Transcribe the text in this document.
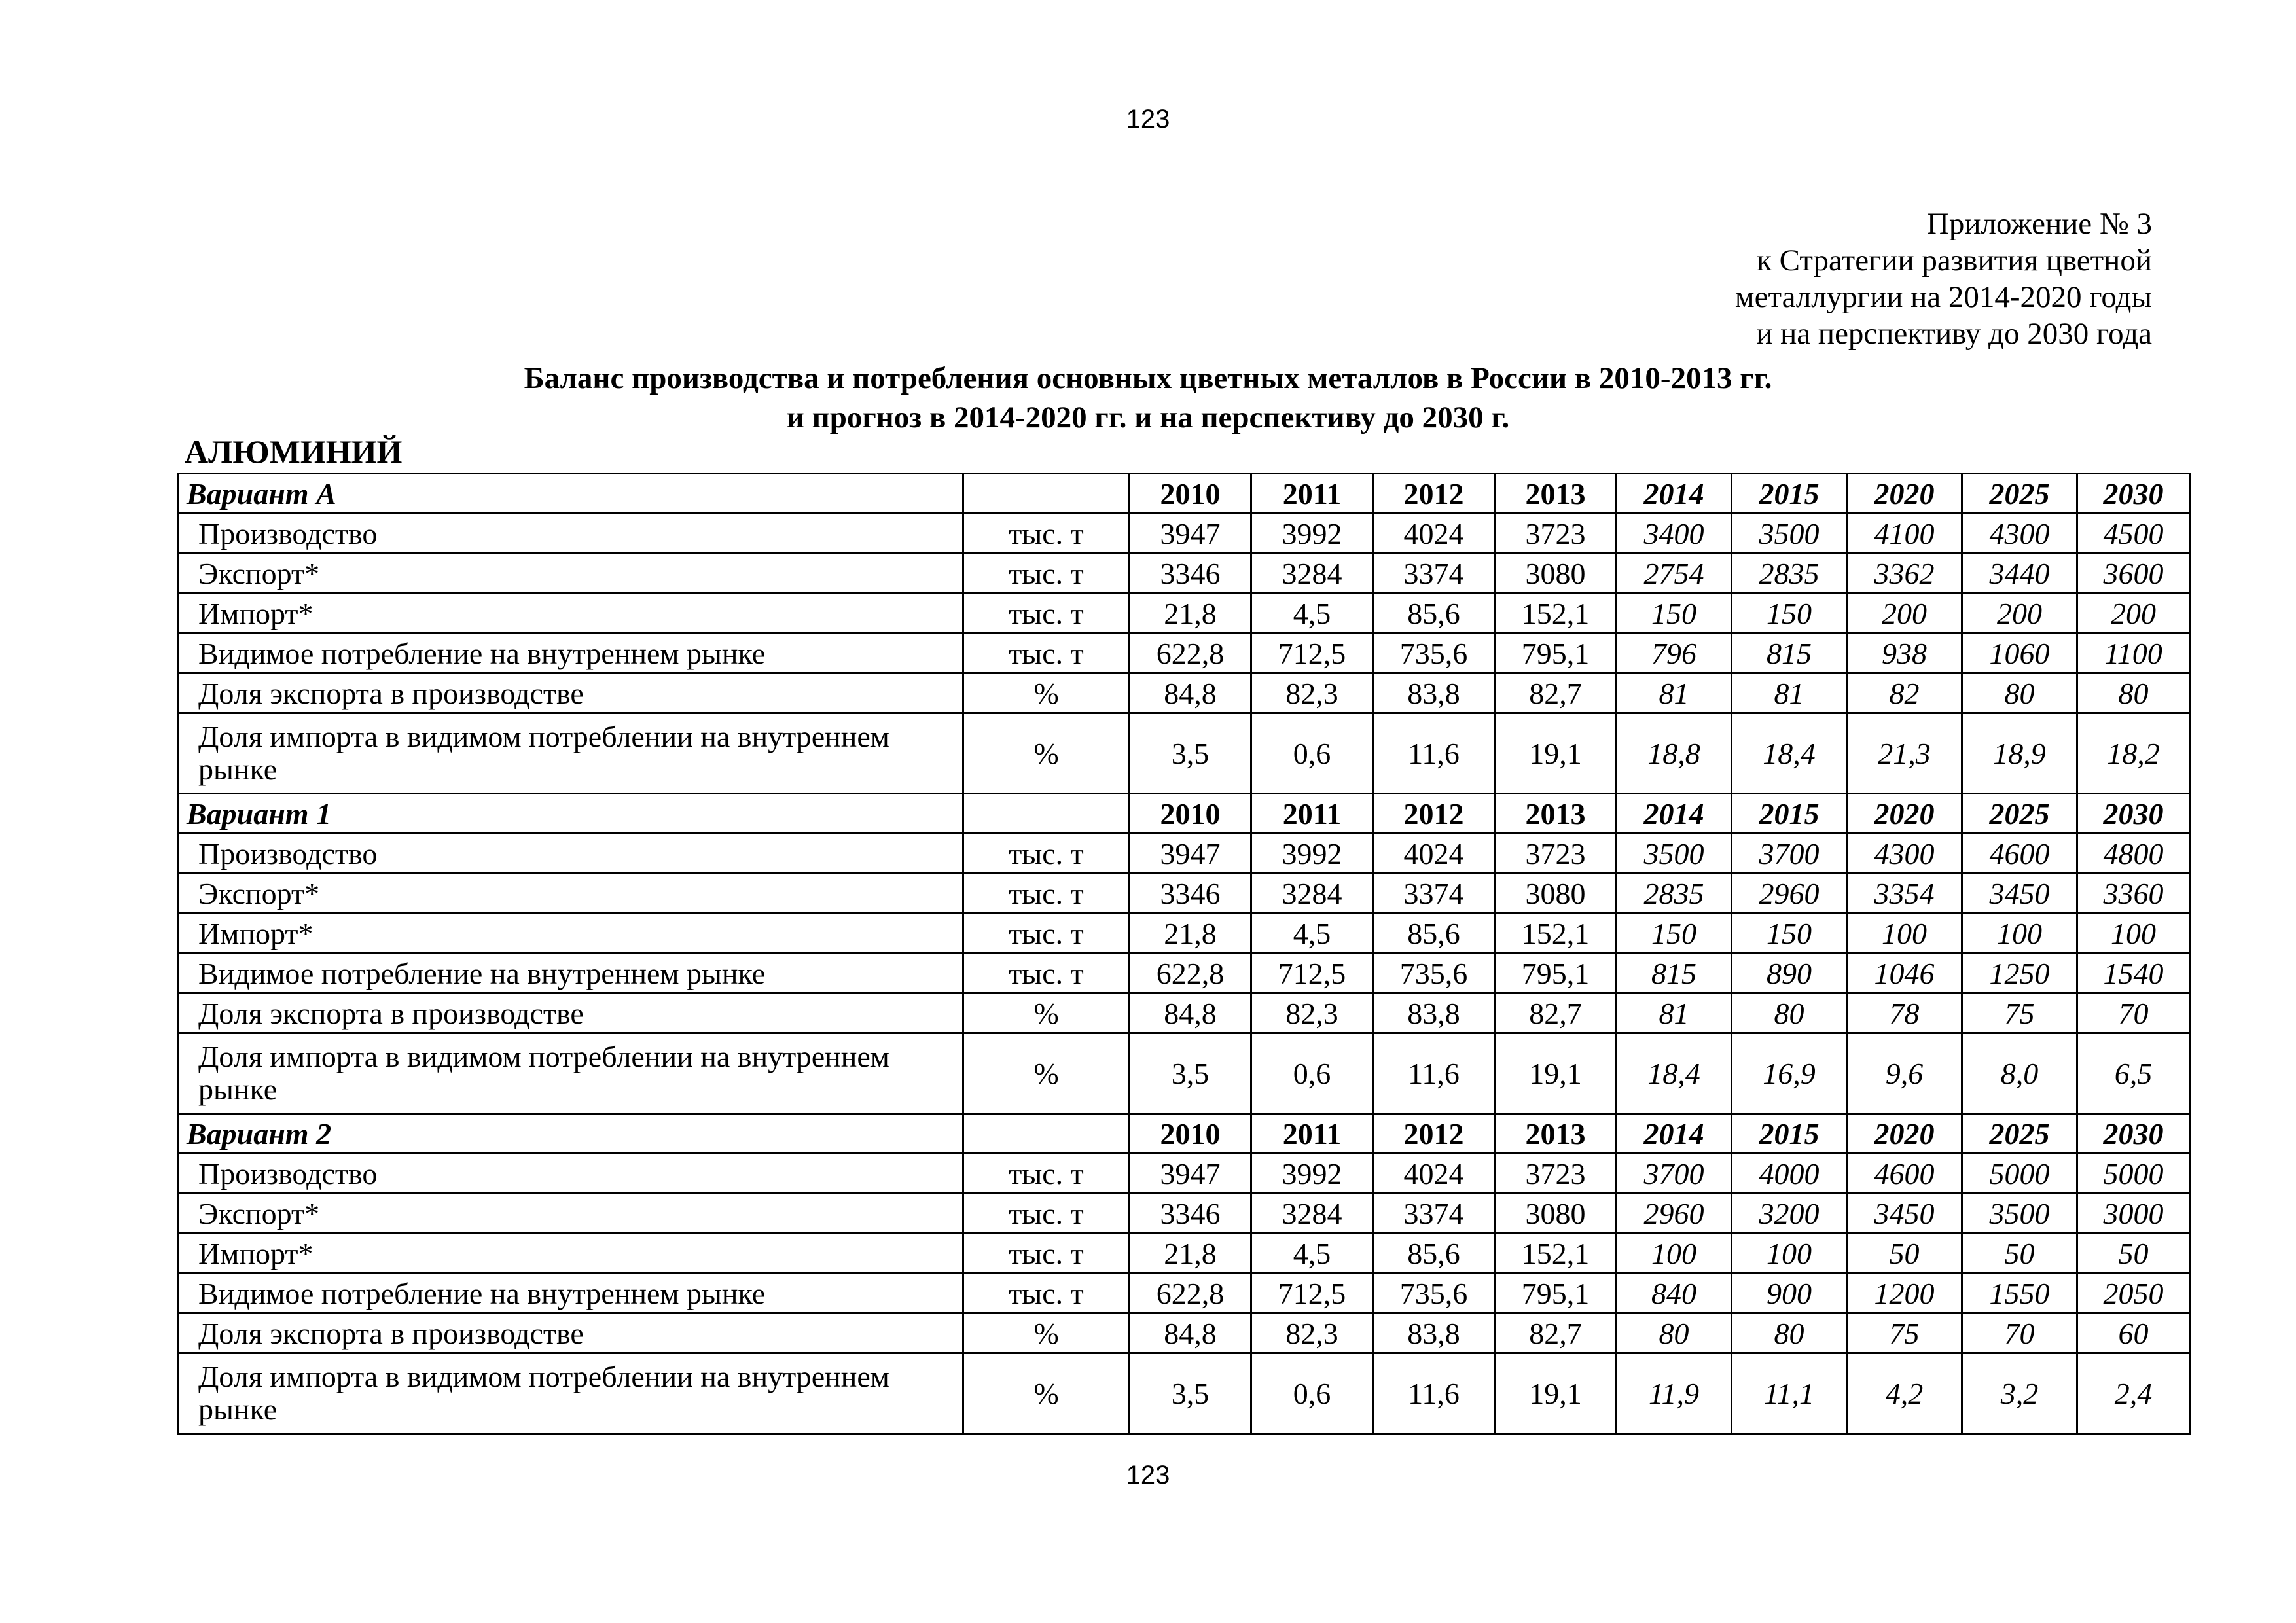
123
Приложение № 3
к Стратегии развития цветной
металлургии на 2014-2020 годы
и на перспективу до 2030 года
Баланс производства и потребления основных цветных металлов в России в 2010-2013 гг.
и прогноз в 2014-2020 гг. и на перспективу до 2030 г.
АЛЮМИНИЙ
Вариант А		2010	2011	2012	2013	2014	2015	2020	2025	2030
Производство	тыс. т	3947	3992	4024	3723	3400	3500	4100	4300	4500
Экспорт*	тыс. т	3346	3284	3374	3080	2754	2835	3362	3440	3600
Импорт*	тыс. т	21,8	4,5	85,6	152,1	150	150	200	200	200
Видимое потребление на внутреннем рынке	тыс. т	622,8	712,5	735,6	795,1	796	815	938	1060	1100
Доля экспорта в производстве	%	84,8	82,3	83,8	82,7	81	81	82	80	80
Доля импорта в видимом потреблении на внутреннем рынке	%	3,5	0,6	11,6	19,1	18,8	18,4	21,3	18,9	18,2
Вариант 1		2010	2011	2012	2013	2014	2015	2020	2025	2030
Производство	тыс. т	3947	3992	4024	3723	3500	3700	4300	4600	4800
Экспорт*	тыс. т	3346	3284	3374	3080	2835	2960	3354	3450	3360
Импорт*	тыс. т	21,8	4,5	85,6	152,1	150	150	100	100	100
Видимое потребление на внутреннем рынке	тыс. т	622,8	712,5	735,6	795,1	815	890	1046	1250	1540
Доля экспорта в производстве	%	84,8	82,3	83,8	82,7	81	80	78	75	70
Доля импорта в видимом потреблении на внутреннем рынке	%	3,5	0,6	11,6	19,1	18,4	16,9	9,6	8,0	6,5
Вариант 2		2010	2011	2012	2013	2014	2015	2020	2025	2030
Производство	тыс. т	3947	3992	4024	3723	3700	4000	4600	5000	5000
Экспорт*	тыс. т	3346	3284	3374	3080	2960	3200	3450	3500	3000
Импорт*	тыс. т	21,8	4,5	85,6	152,1	100	100	50	50	50
Видимое потребление на внутреннем рынке	тыс. т	622,8	712,5	735,6	795,1	840	900	1200	1550	2050
Доля экспорта в производстве	%	84,8	82,3	83,8	82,7	80	80	75	70	60
Доля импорта в видимом потреблении на внутреннем рынке	%	3,5	0,6	11,6	19,1	11,9	11,1	4,2	3,2	2,4
123
